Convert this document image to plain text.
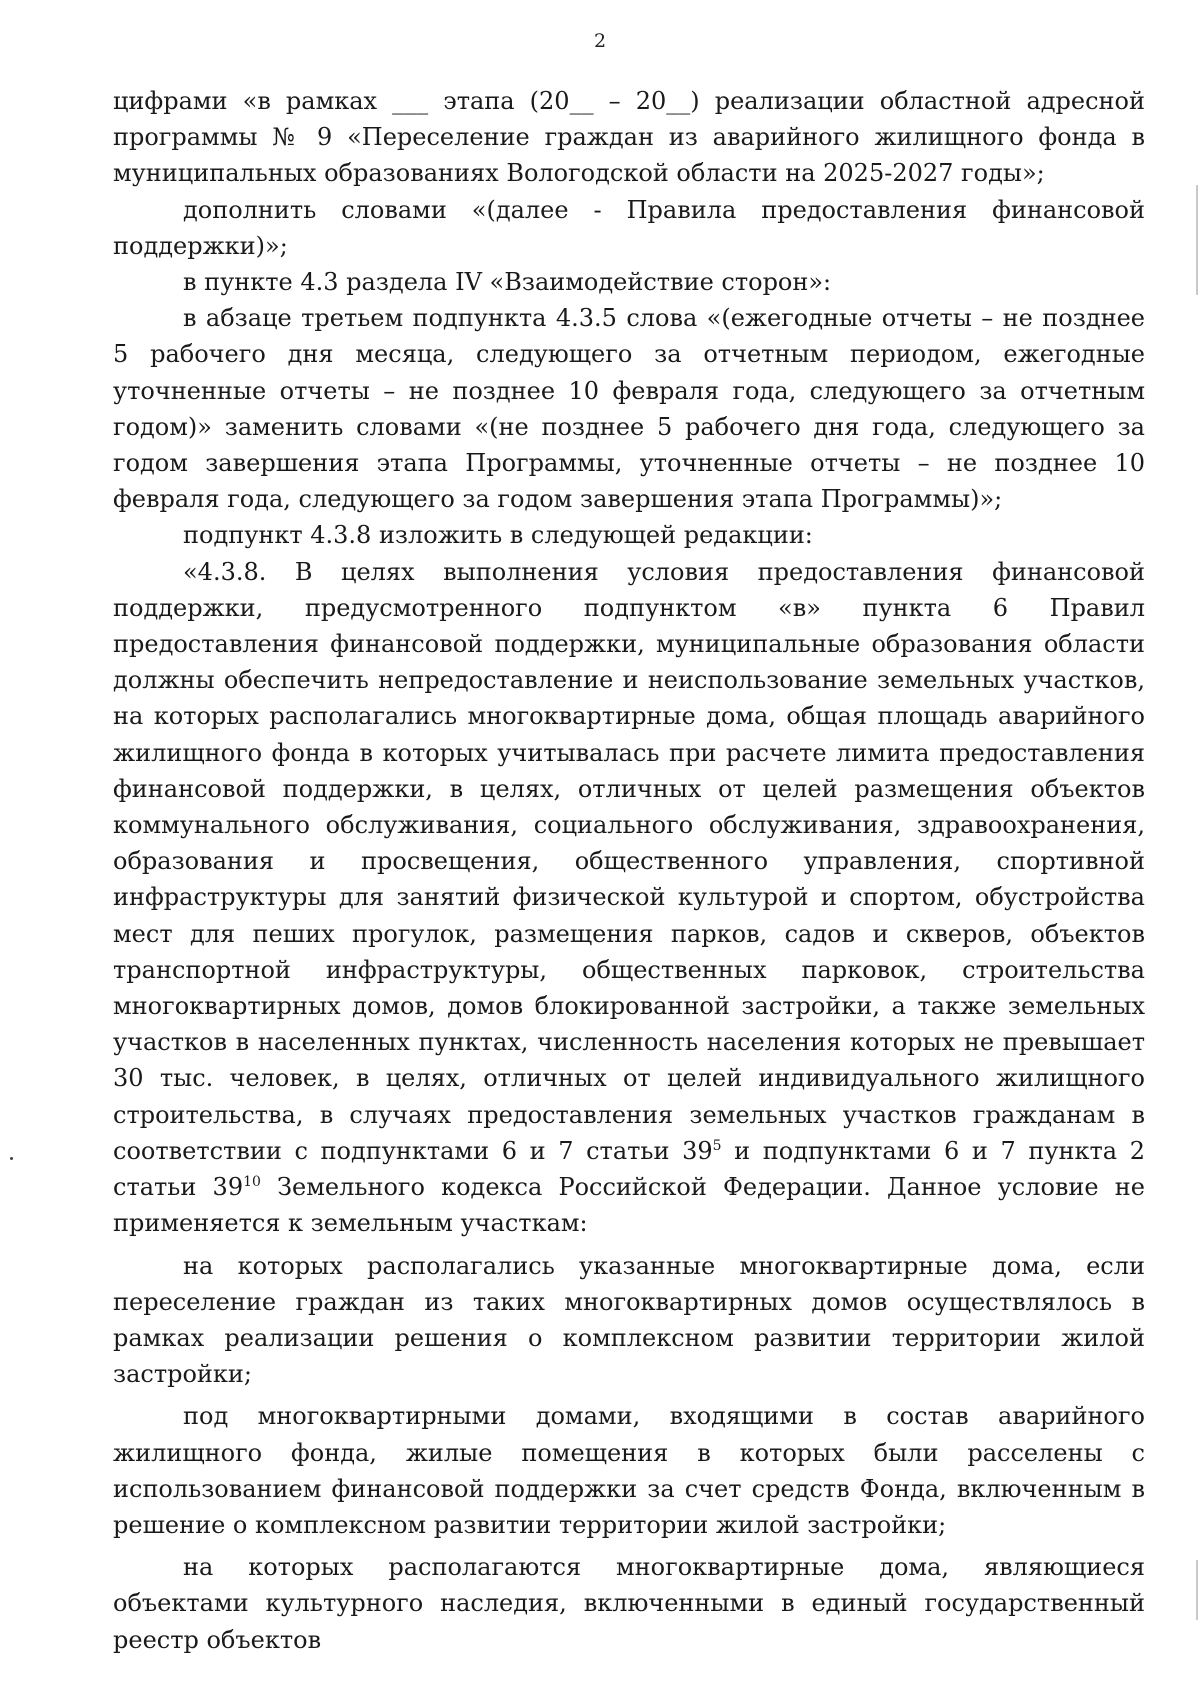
2

цифрами «в рамках ___ этапа (20__ – 20__) реализации областной адресной программы № 9 «Переселение граждан из аварийного жилищного фонда в муниципальных образованиях Вологодской области на 2025-2027 годы»;

дополнить словами «(далее - Правила предоставления финансовой поддержки)»;

в пункте 4.3 раздела IV «Взаимодействие сторон»:

в абзаце третьем подпункта 4.3.5 слова «(ежегодные отчеты – не позднее 5 рабочего дня месяца, следующего за отчетным периодом, ежегодные уточненные отчеты – не позднее 10 февраля года, следующего за отчетным годом)» заменить словами «(не позднее 5 рабочего дня года, следующего за годом завершения этапа Программы, уточненные отчеты – не позднее 10 февраля года, следующего за годом завершения этапа Программы)»;

подпункт 4.3.8 изложить в следующей редакции:

«4.3.8. В целях выполнения условия предоставления финансовой поддержки, предусмотренного подпунктом «в» пункта 6 Правил предоставления финансовой поддержки, муниципальные образования области должны обеспечить непредоставление и неиспользование земельных участков, на которых располагались многоквартирные дома, общая площадь аварийного жилищного фонда в которых учитывалась при расчете лимита предоставления финансовой поддержки, в целях, отличных от целей размещения объектов коммунального обслуживания, социального обслуживания, здравоохранения, образования и просвещения, общественного управления, спортивной инфраструктуры для занятий физической культурой и спортом, обустройства мест для пеших прогулок, размещения парков, садов и скверов, объектов транспортной инфраструктуры, общественных парковок, строительства многоквартирных домов, домов блокированной застройки, а также земельных участков в населенных пунктах, численность населения которых не превышает 30 тыс. человек, в целях, отличных от целей индивидуального жилищного строительства, в случаях предоставления земельных участков гражданам в соответствии с подпунктами 6 и 7 статьи $39^5$ и подпунктами 6 и 7 пункта 2 статьи $39^{10}$ Земельного кодекса Российской Федерации. Данное условие не применяется к земельным участкам:

на которых располагались указанные многоквартирные дома, если переселение граждан из таких многоквартирных домов осуществлялось в рамках реализации решения о комплексном развитии территории жилой застройки;

под многоквартирными домами, входящими в состав аварийного жилищного фонда, жилые помещения в которых были расселены с использованием финансовой поддержки за счет средств Фонда, включенным в решение о комплексном развитии территории жилой застройки;

на которых располагаются многоквартирные дома, являющиеся объектами культурного наследия, включенными в единый государственный реестр объектов
